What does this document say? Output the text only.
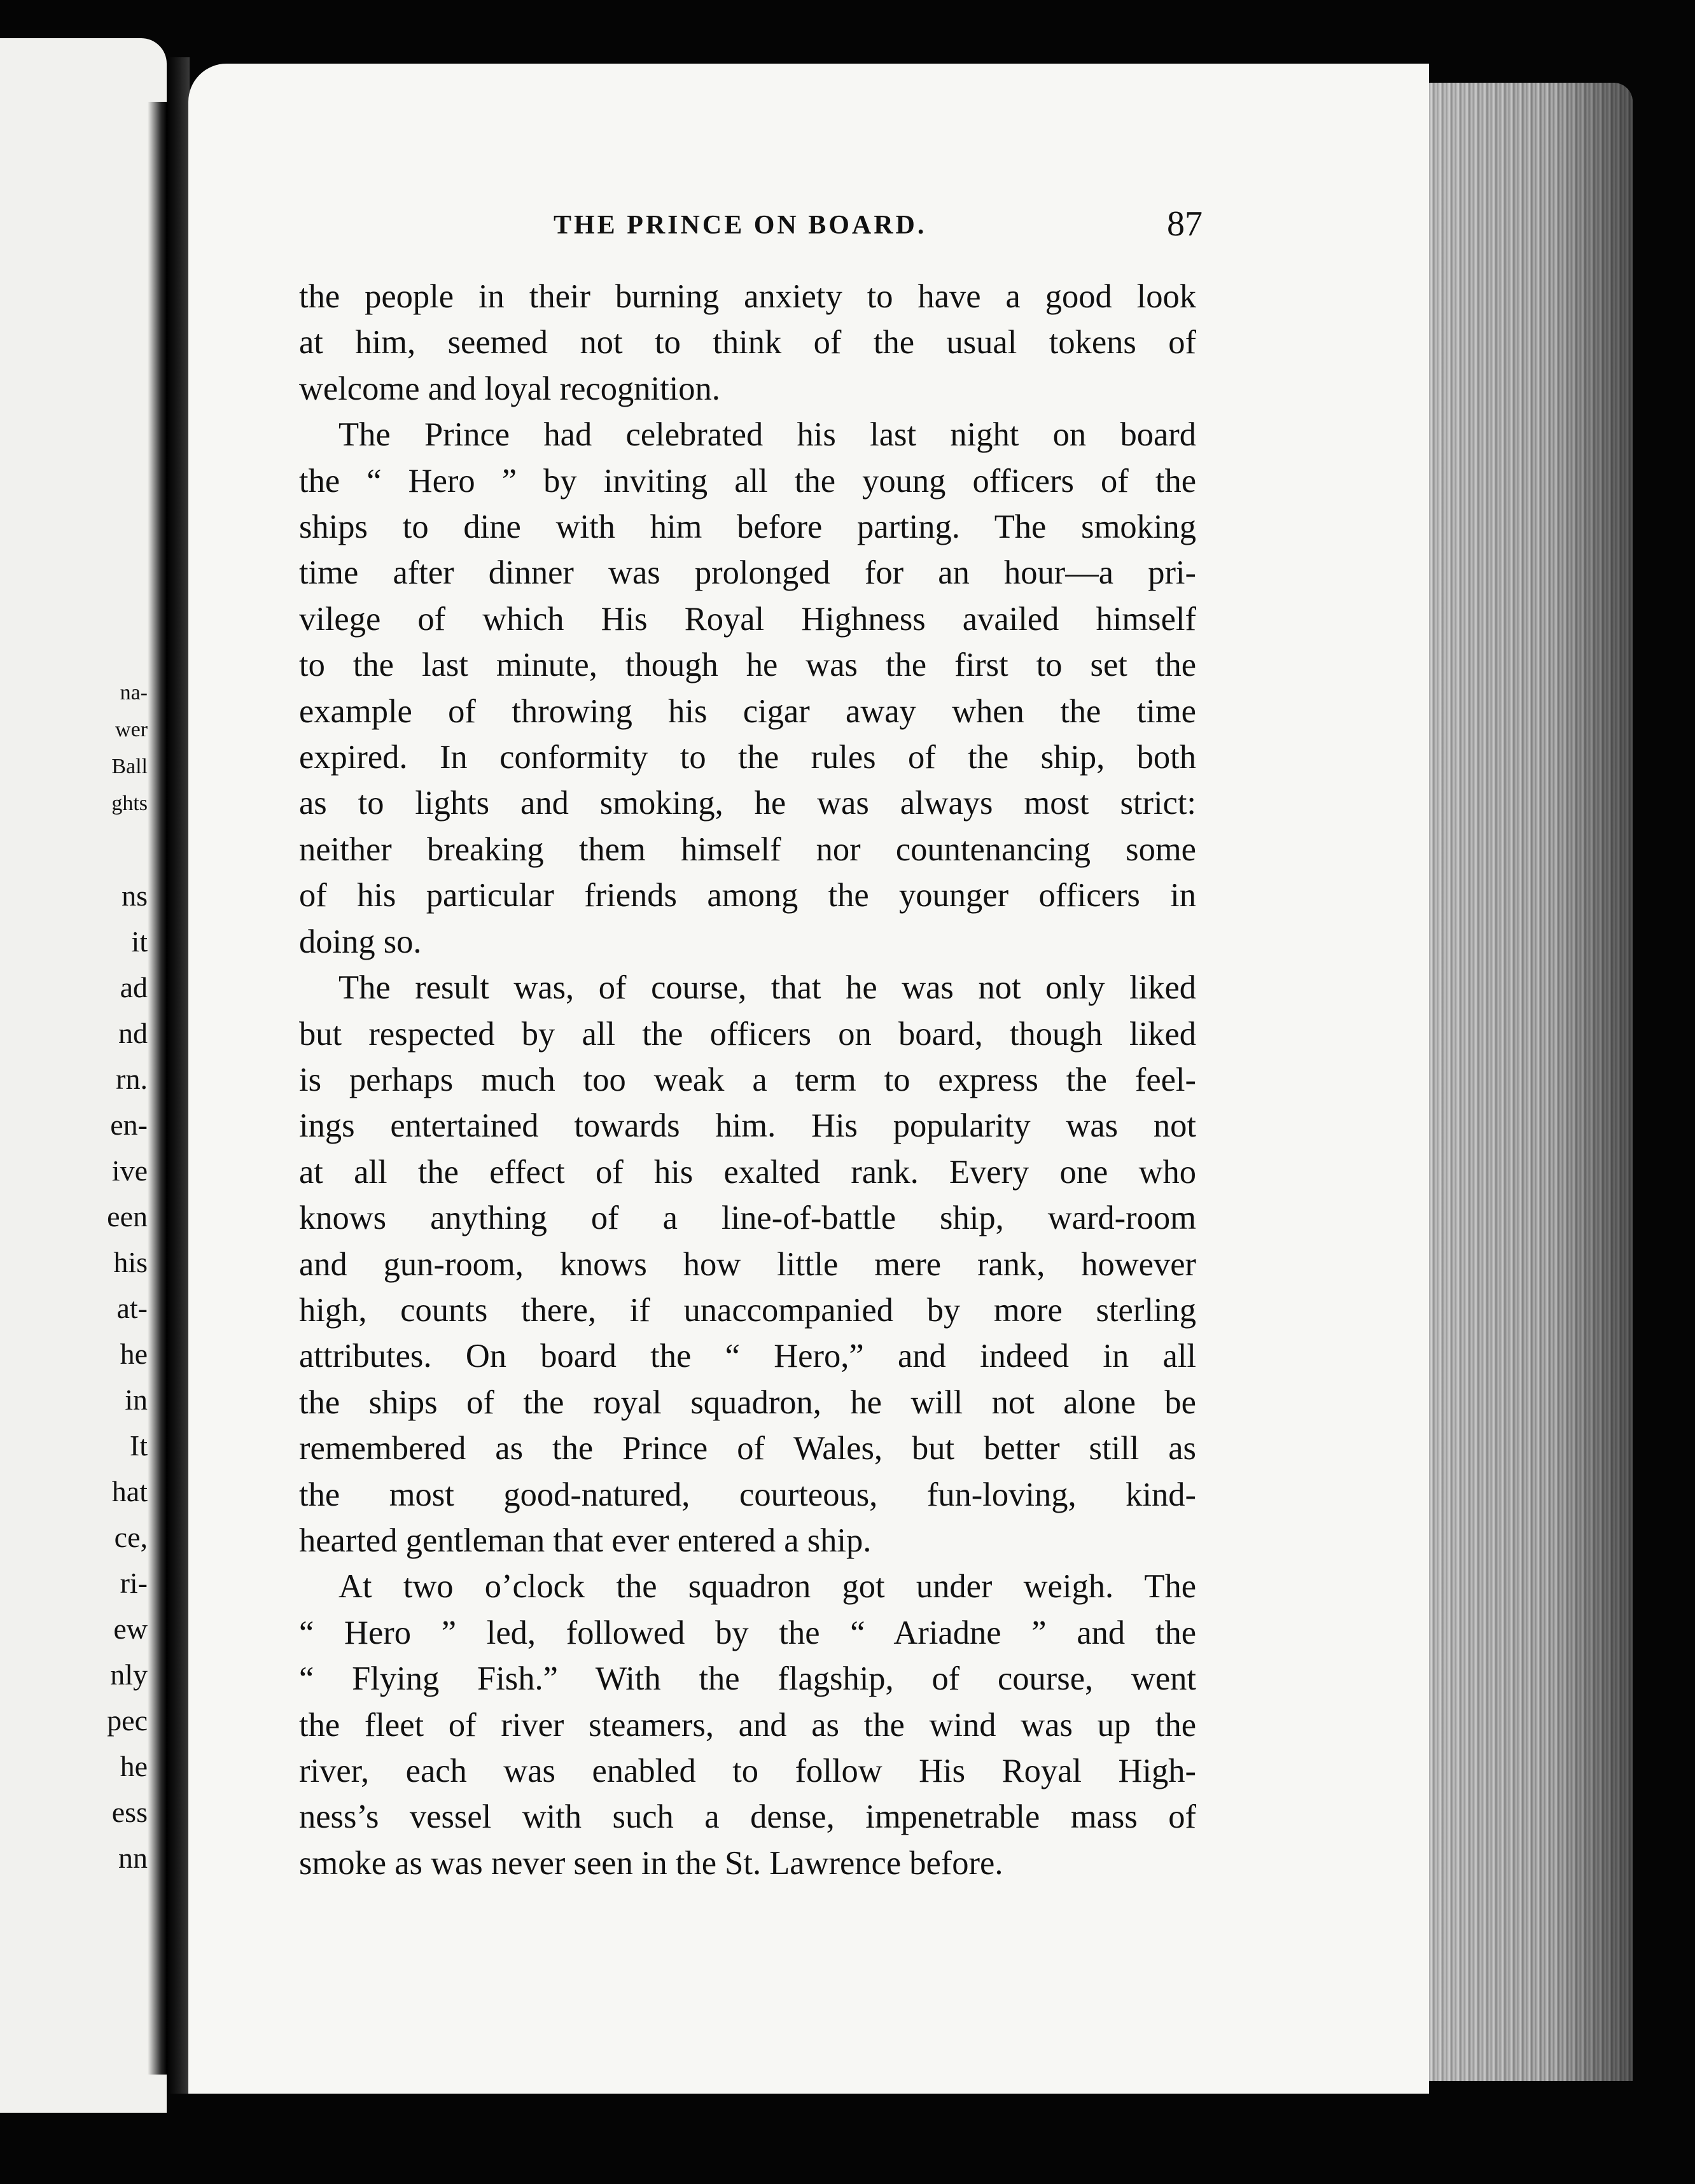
na-
wer
Ball
ghts
ns
it
ad
nd
rn.
en-
ive
een
his
at-
he
in
It
hat
ce,
ri-
ew
nly
pec
he
ess
nn
THE PRINCE ON BOARD.	87

the people in their burning anxiety to have a good look
at him, seemed not to think of the usual tokens of
welcome and loyal recognition.

The Prince had celebrated his last night on board
the “ Hero ” by inviting all the young officers of the
ships to dine with him before parting. The smoking
time after dinner was prolonged for an hour—a pri-
vilege of which His Royal Highness availed himself
to the last minute, though he was the first to set the
example of throwing his cigar away when the time
expired. In conformity to the rules of the ship, both
as to lights and smoking, he was always most strict:
neither breaking them himself nor countenancing some
of his particular friends among the younger officers in
doing so.

The result was, of course, that he was not only liked
but respected by all the officers on board, though liked
is perhaps much too weak a term to express the feel-
ings entertained towards him. His popularity was not
at all the effect of his exalted rank. Every one who
knows anything of a line-of-battle ship, ward-room
and gun-room, knows how little mere rank, however
high, counts there, if unaccompanied by more sterling
attributes. On board the “ Hero,” and indeed in all
the ships of the royal squadron, he will not alone be
remembered as the Prince of Wales, but better still as
the most good-natured, courteous, fun-loving, kind-
hearted gentleman that ever entered a ship.

At two o’clock the squadron got under weigh. The
“ Hero ” led, followed by the “ Ariadne ” and the
“ Flying Fish.” With the flagship, of course, went
the fleet of river steamers, and as the wind was up the
river, each was enabled to follow His Royal High-
ness’s vessel with such a dense, impenetrable mass of
smoke as was never seen in the St. Lawrence before.
